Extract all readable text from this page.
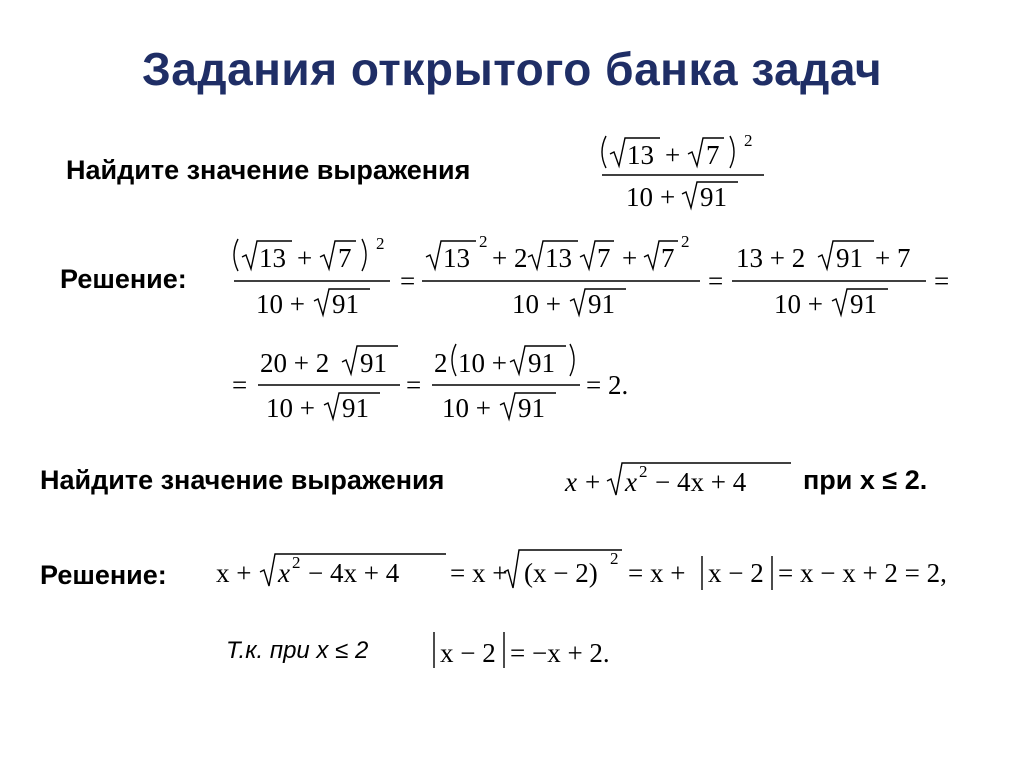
Задания открытого банка задач
Найдите значение выражения	13 + 7 2
10 + 91
Решение:
13 + 7 2
10 + 91
=
13
2
+ 2 13 7 + 7
2
10 + 91
=
13 + 2 91 + 7
10 + 91
=
=
20 + 2 91
10 + 91
=
2 10 + 91
10 + 91
= 2.
Найдите значение выражения	x + x 2 − 4x + 4 при x ≤ 2.
Решение: x + x 2 − 4x + 4 = x + (x − 2) 2 = x + x − 2 = x − x + 2 = 2,
Т.к. при x ≤ 2	x − 2 = −x + 2.
